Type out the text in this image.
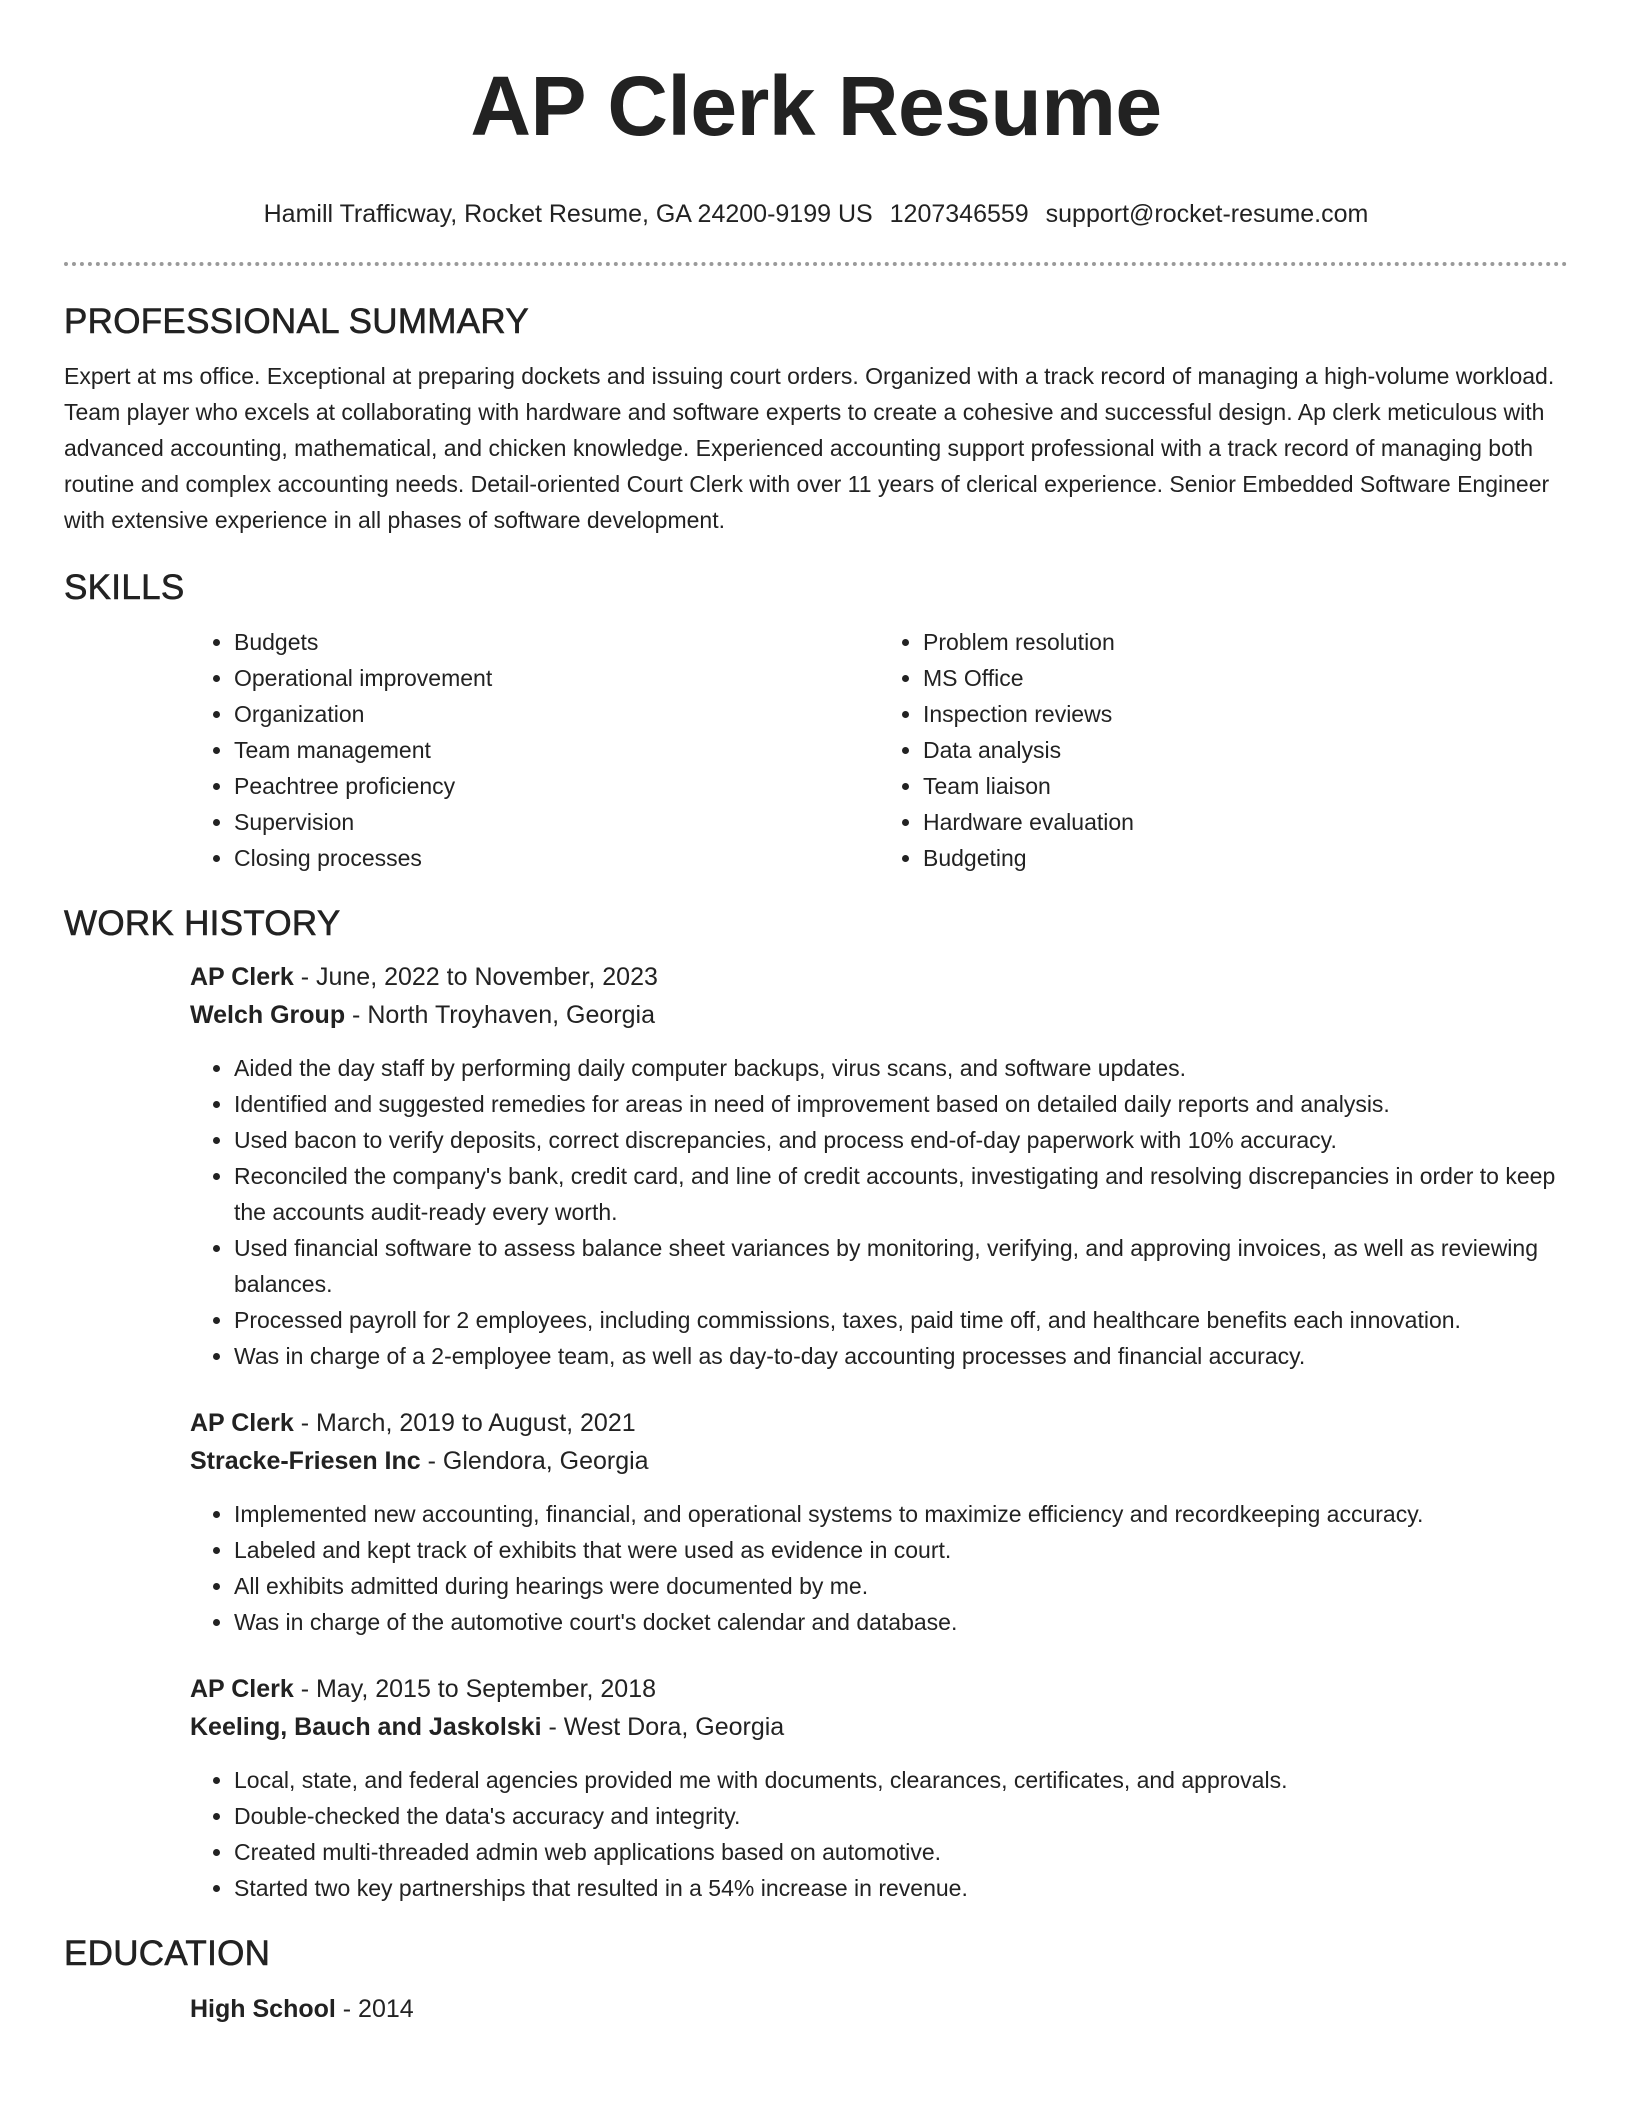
AP Clerk Resume
Hamill Trafficway, Rocket Resume, GA 24200-9199 US 1207346559 support@rocket-resume.com
PROFESSIONAL SUMMARY

Expert at ms office. Exceptional at preparing dockets and issuing court orders. Organized with a track record of managing a high-volume workload. Team player who excels at collaborating with hardware and software experts to create a cohesive and successful design. Ap clerk meticulous with advanced accounting, mathematical, and chicken knowledge. Experienced accounting support professional with a track record of managing both routine and complex accounting needs. Detail-oriented Court Clerk with over 11 years of clerical experience. Senior Embedded Software Engineer with extensive experience in all phases of software development.

SKILLS
• Budgets
• Operational improvement
• Organization
• Team management
• Peachtree proficiency
• Supervision
• Closing processes
• Problem resolution
• MS Office
• Inspection reviews
• Data analysis
• Team liaison
• Hardware evaluation
• Budgeting
WORK HISTORY
AP Clerk - June, 2022 to November, 2023
Welch Group - North Troyhaven, Georgia
• Aided the day staff by performing daily computer backups, virus scans, and software updates.
• Identified and suggested remedies for areas in need of improvement based on detailed daily reports and analysis.
• Used bacon to verify deposits, correct discrepancies, and process end-of-day paperwork with 10% accuracy.
• Reconciled the company's bank, credit card, and line of credit accounts, investigating and resolving discrepancies in order to keep the accounts audit-ready every worth.
• Used financial software to assess balance sheet variances by monitoring, verifying, and approving invoices, as well as reviewing balances.
• Processed payroll for 2 employees, including commissions, taxes, paid time off, and healthcare benefits each innovation.
• Was in charge of a 2-employee team, as well as day-to-day accounting processes and financial accuracy.
AP Clerk - March, 2019 to August, 2021
Stracke-Friesen Inc - Glendora, Georgia
• Implemented new accounting, financial, and operational systems to maximize efficiency and recordkeeping accuracy.
• Labeled and kept track of exhibits that were used as evidence in court.
• All exhibits admitted during hearings were documented by me.
• Was in charge of the automotive court's docket calendar and database.
AP Clerk - May, 2015 to September, 2018
Keeling, Bauch and Jaskolski - West Dora, Georgia
• Local, state, and federal agencies provided me with documents, clearances, certificates, and approvals.
• Double-checked the data's accuracy and integrity.
• Created multi-threaded admin web applications based on automotive.
• Started two key partnerships that resulted in a 54% increase in revenue.
EDUCATION
High School - 2014
